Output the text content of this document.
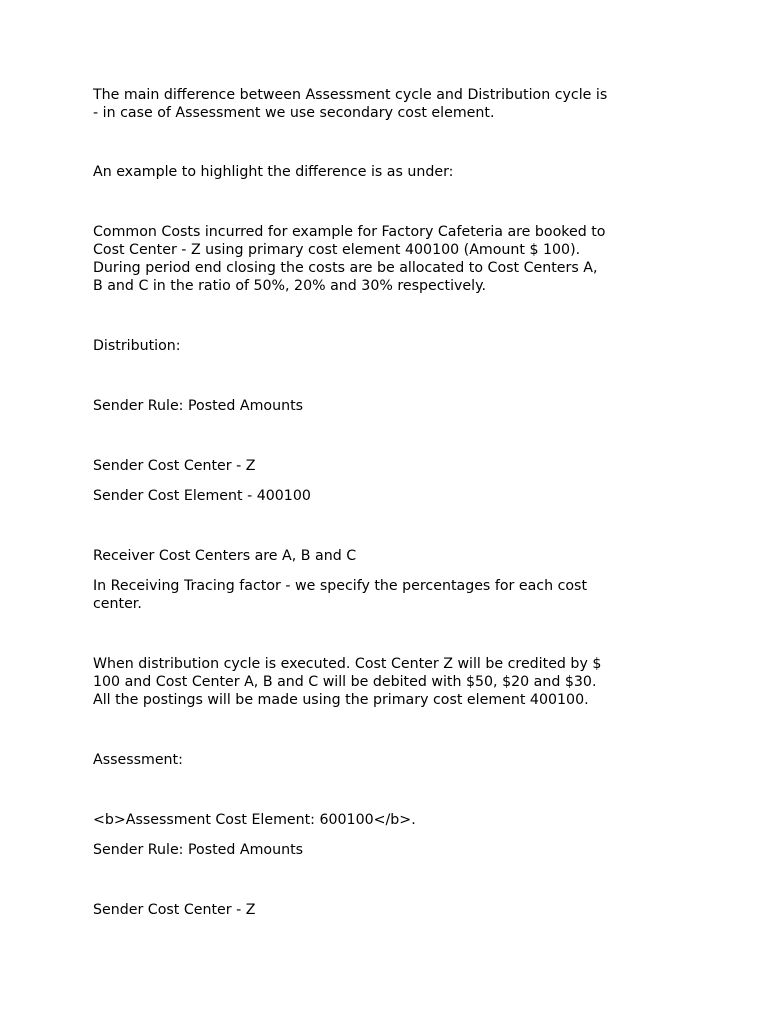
The main difference between Assessment cycle and Distribution cycle is
- in case of Assessment we use secondary cost element.

An example to highlight the difference is as under:

Common Costs incurred for example for Factory Cafeteria are booked to
Cost Center - Z using primary cost element 400100 (Amount $ 100).
During period end closing the costs are be allocated to Cost Centers A,
B and C in the ratio of 50%, 20% and 30% respectively.

Distribution:

Sender Rule: Posted Amounts

Sender Cost Center - Z

Sender Cost Element - 400100

Receiver Cost Centers are A, B and C

In Receiving Tracing factor - we specify the percentages for each cost
center.

When distribution cycle is executed. Cost Center Z will be credited by $
100 and Cost Center A, B and C will be debited with $50, $20 and $30.
All the postings will be made using the primary cost element 400100.

Assessment:

<b>Assessment Cost Element: 600100</b>.

Sender Rule: Posted Amounts

Sender Cost Center - Z
